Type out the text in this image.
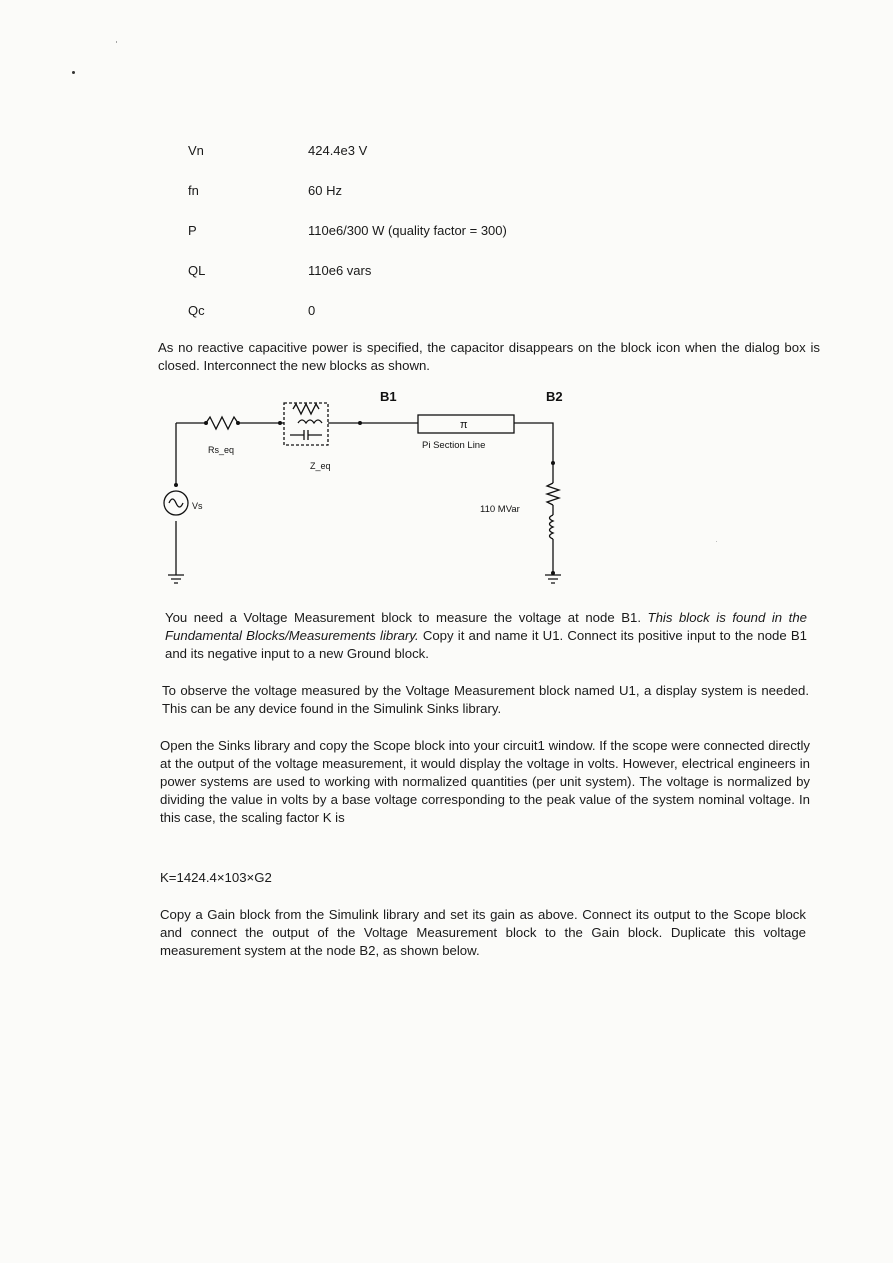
Vn	424.4e3 V
fn	60 Hz
P	110e6/300 W (quality factor = 300)
QL	110e6 vars
Qc	0

As no reactive capacitive power is specified, the capacitor disappears on the block icon when the dialog box is closed. Interconnect the new blocks as shown.

B1	B2
Rs_eq
Z_eq
π
Pi Section Line
Vs	110 MVar

You need a Voltage Measurement block to measure the voltage at node B1. This block is found in the Fundamental Blocks/Measurements library. Copy it and name it U1. Connect its positive input to the node B1 and its negative input to a new Ground block.

To observe the voltage measured by the Voltage Measurement block named U1, a display system is needed. This can be any device found in the Simulink Sinks library.

Open the Sinks library and copy the Scope block into your circuit1 window. If the scope were connected directly at the output of the voltage measurement, it would display the voltage in volts. However, electrical engineers in power systems are used to working with normalized quantities (per unit system). The voltage is normalized by dividing the value in volts by a base voltage corresponding to the peak value of the system nominal voltage. In this case, the scaling factor K is

K=1424.4×103×G2

Copy a Gain block from the Simulink library and set its gain as above. Connect its output to the Scope block and connect the output of the Voltage Measurement block to the Gain block. Duplicate this voltage measurement system at the node B2, as shown below.
